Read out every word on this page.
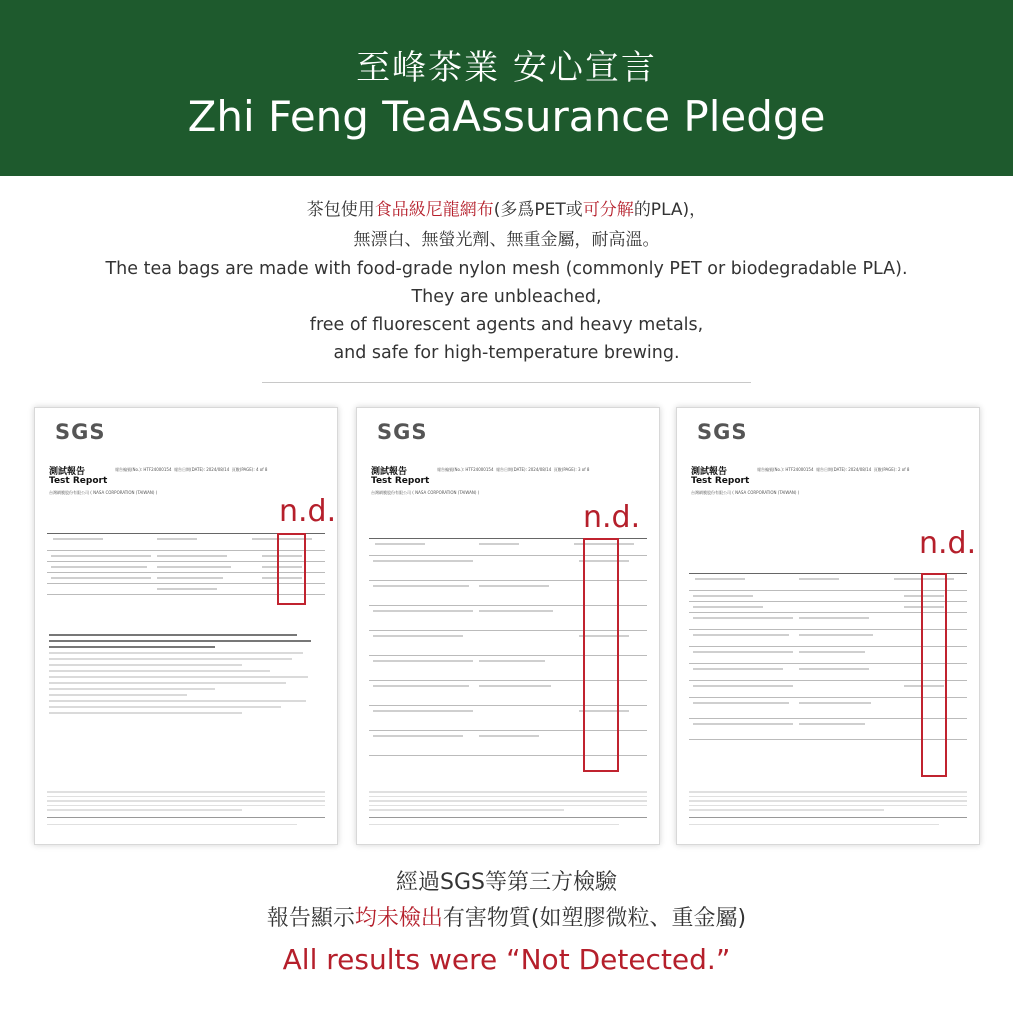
至峰茶業 安心宣言
Zhi Feng TeaAssurance Pledge
茶包使用食品級尼龍網布(多爲PET或可分解的PLA)，
無漂白、無螢光劑、無重金屬，耐高溫。
The tea bags are made with food-grade nylon mesh (commonly PET or biodegradable PLA).
They are unbleached,
free of fluorescent agents and heavy metals,
and safe for high-temperature brewing.
SGS
測試報告
Test Report
報告編號(No.): HTF24000154 報告日期(DATE): 2024/08/14 頁數(PAGE): 4 of 8
台灣網膜股份有限公司 ( NASA CORPORATION (TAIWAN) )
n.d.
SGS
測試報告
Test Report
報告編號(No.): HTF24000154 報告日期(DATE): 2024/08/14 頁數(PAGE): 3 of 8
台灣網膜股份有限公司 ( NASA CORPORATION (TAIWAN) )
n.d.
SGS
測試報告
Test Report
報告編號(No.): HTF24000154 報告日期(DATE): 2024/08/14 頁數(PAGE): 2 of 8
台灣網膜股份有限公司 ( NASA CORPORATION (TAIWAN) )
n.d.
經過SGS等第三方檢驗
報告顯示均未檢出有害物質(如塑膠微粒、重金屬)
All results were “Not Detected.”
